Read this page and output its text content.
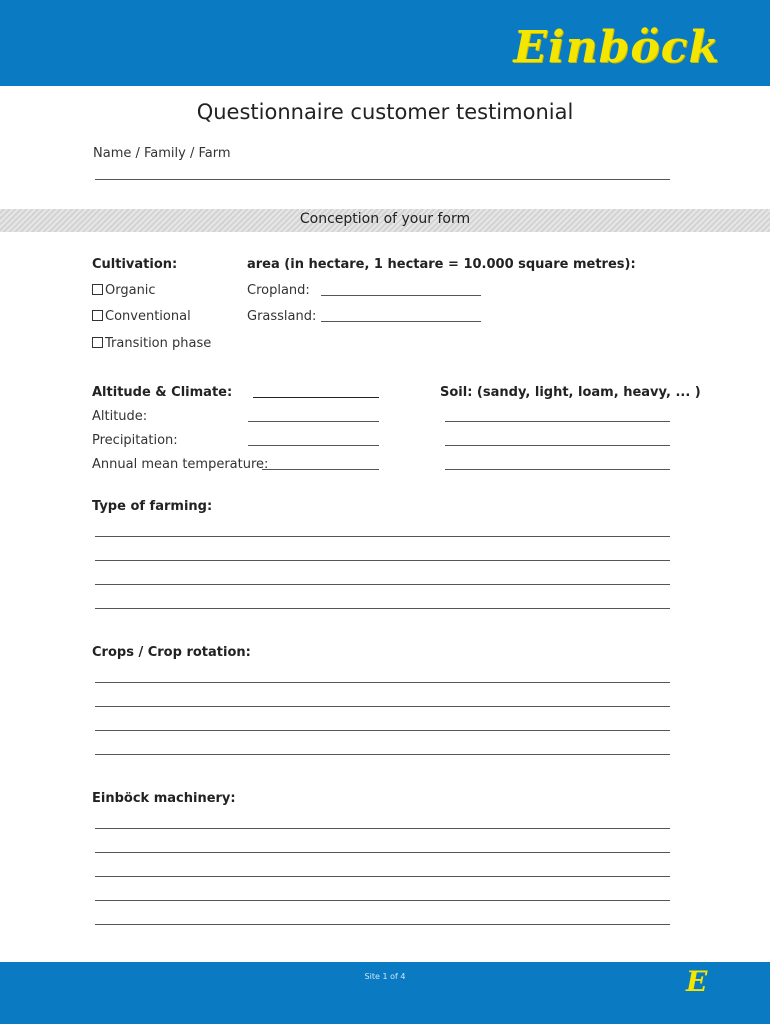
Einböck
Questionnaire customer testimonial
Name / Family / Farm
Conception of your form
Cultivation:
Organic
Conventional
Transition phase
area (in hectare, 1 hectare = 10.000 square metres):
Cropland:
Grassland:
Altitude & Climate:
Altitude:
Precipitation:
Annual mean temperature:
Soil: (sandy, light, loam, heavy, ... )
Type of farming:
Crops / Crop rotation:
Einböck machinery:
Site 1 of 4	E
